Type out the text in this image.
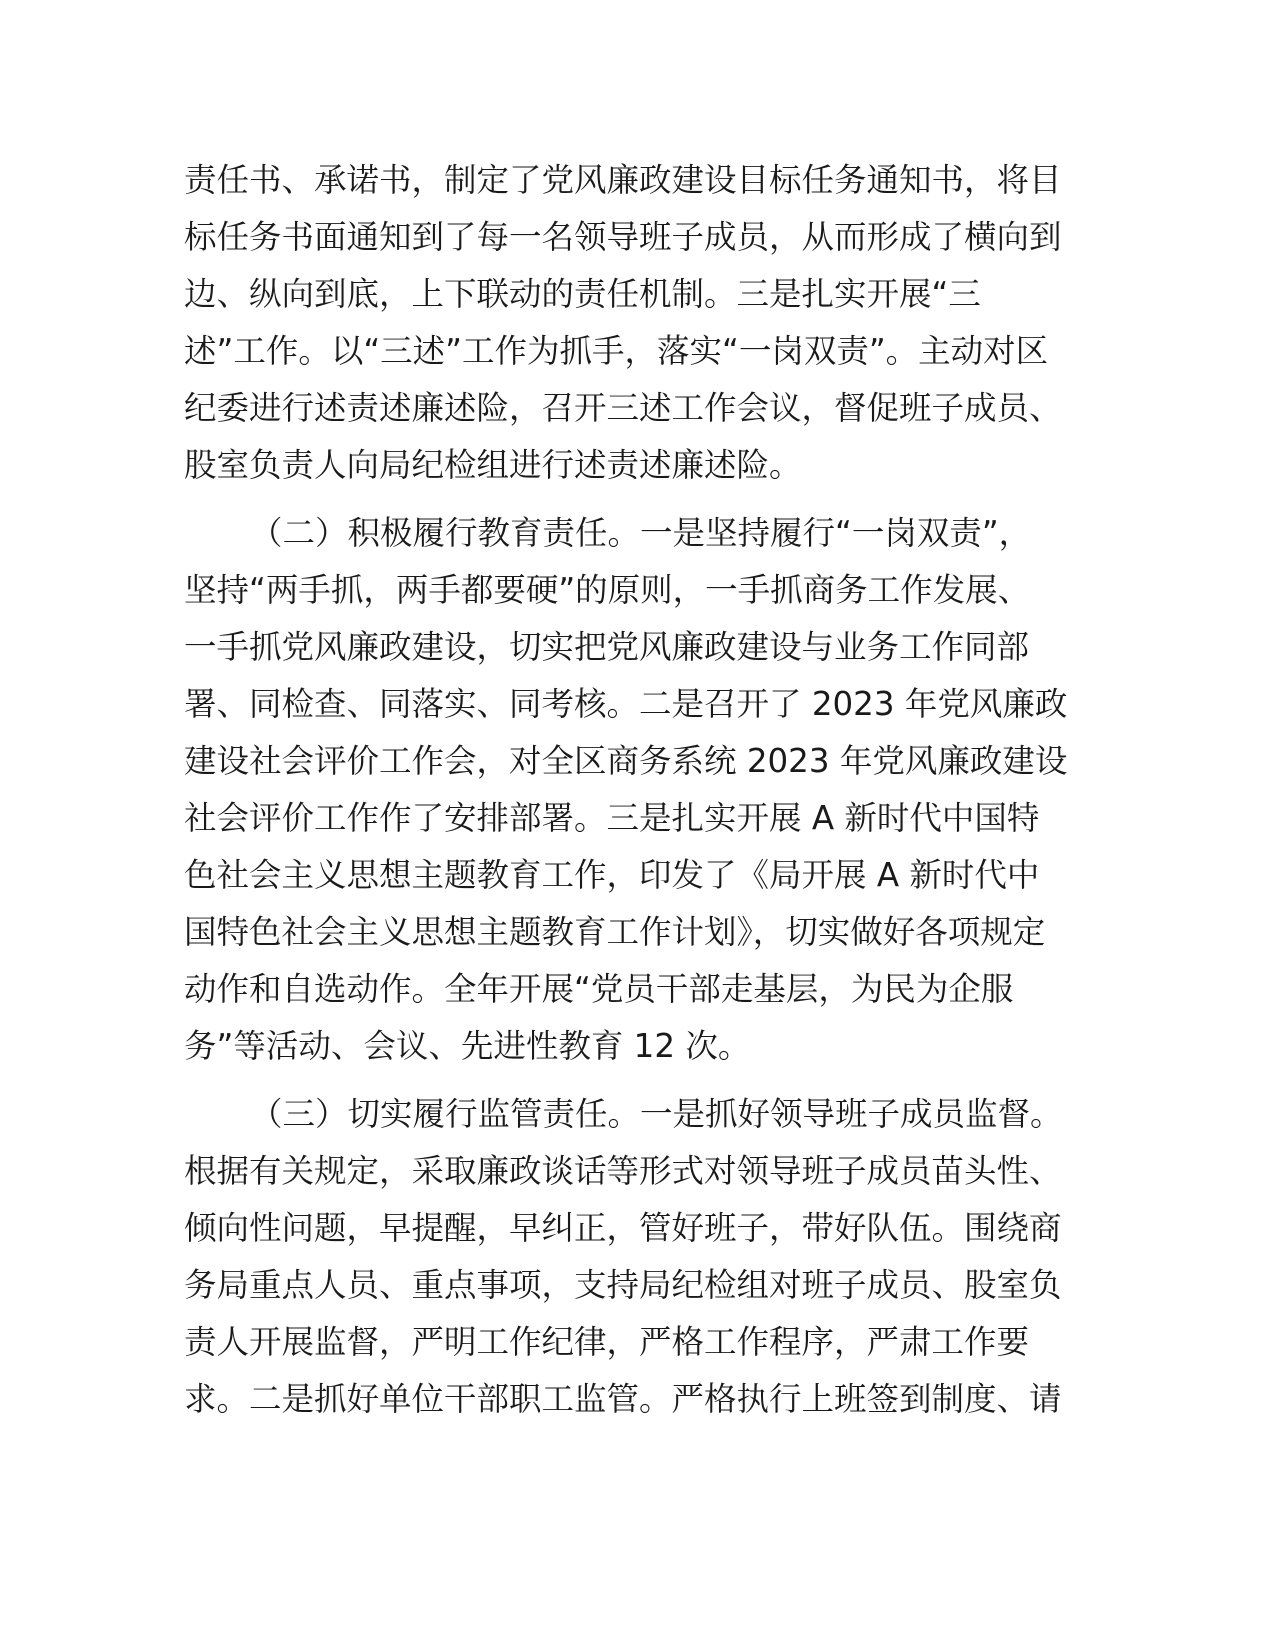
责任书、承诺书，制定了党风廉政建设目标任务通知书，将目
标任务书面通知到了每一名领导班子成员，从而形成了横向到
边、纵向到底，上下联动的责任机制。三是扎实开展“三
述”工作。以“三述”工作为抓手，落实“一岗双责”。主动对区
纪委进行述责述廉述险，召开三述工作会议，督促班子成员、
股室负责人向局纪检组进行述责述廉述险。
（二）积极履行教育责任。一是坚持履行“一岗双责”，
坚持“两手抓，两手都要硬”的原则，一手抓商务工作发展、
一手抓党风廉政建设，切实把党风廉政建设与业务工作同部
署、同检查、同落实、同考核。二是召开了 2023 年党风廉政
建设社会评价工作会，对全区商务系统 2023 年党风廉政建设
社会评价工作作了安排部署。三是扎实开展 A 新时代中国特
色社会主义思想主题教育工作，印发了《局开展 A 新时代中
国特色社会主义思想主题教育工作计划》，切实做好各项规定
动作和自选动作。全年开展“党员干部走基层，为民为企服
务”等活动、会议、先进性教育 12 次。
（三）切实履行监管责任。一是抓好领导班子成员监督。
根据有关规定，采取廉政谈话等形式对领导班子成员苗头性、
倾向性问题，早提醒，早纠正，管好班子，带好队伍。围绕商
务局重点人员、重点事项，支持局纪检组对班子成员、股室负
责人开展监督，严明工作纪律，严格工作程序，严肃工作要
求。二是抓好单位干部职工监管。严格执行上班签到制度、请
